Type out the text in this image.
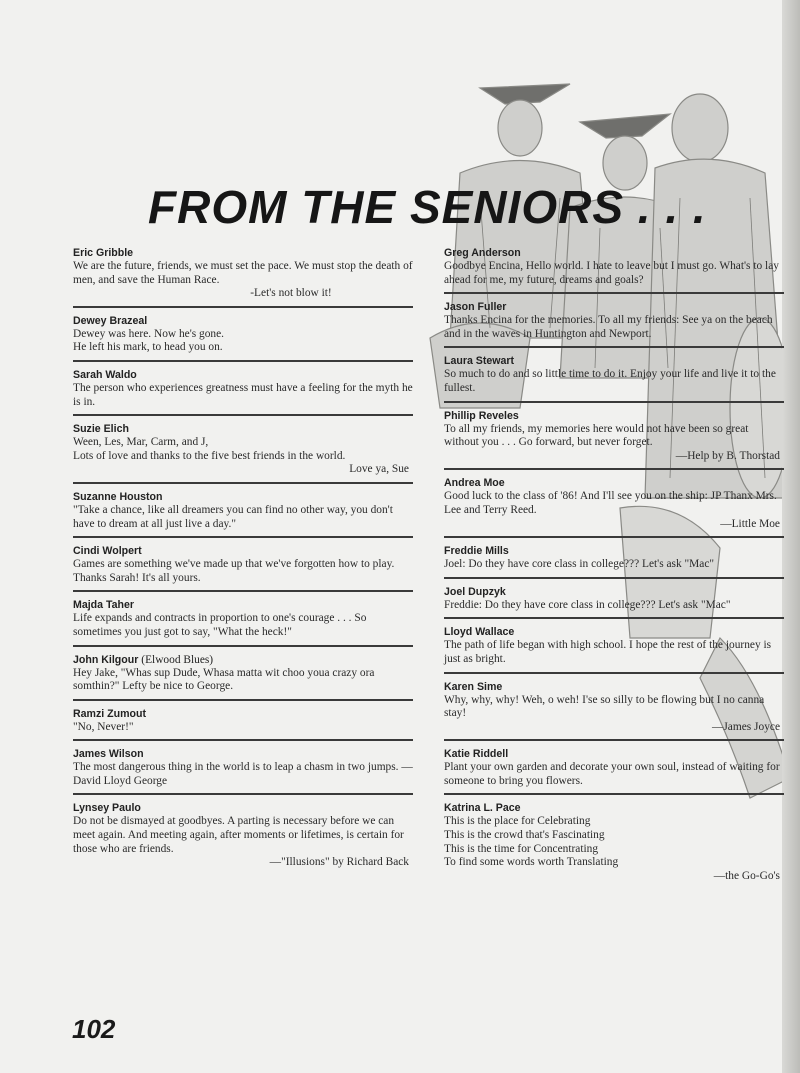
FROM THE SENIORS . . .
Eric Gribble
We are the future, friends, we must set the pace. We must stop the death of men, and save the Human Race.
-Let's not blow it!
Dewey Brazeal
Dewey was here. Now he's gone.
He left his mark, to head you on.
Sarah Waldo
The person who experiences greatness must have a feeling for the myth he is in.
Suzie Elich
Ween, Les, Mar, Carm, and J,
Lots of love and thanks to the five best friends in the world.
Love ya, Sue
Suzanne Houston
"Take a chance, like all dreamers you can find no other way, you don't have to dream at all just live a day."
Cindi Wolpert
Games are something we've made up that we've forgotten how to play. Thanks Sarah! It's all yours.
Majda Taher
Life expands and contracts in proportion to one's courage . . . So sometimes you just got to say, "What the heck!"
John Kilgour (Elwood Blues)
Hey Jake, "Whas sup Dude, Whasa matta wit choo youa crazy ora somthin?" Lefty be nice to George.
Ramzi Zumout
"No, Never!"
James Wilson
The most dangerous thing in the world is to leap a chasm in two jumps. —David Lloyd George
Lynsey Paulo
Do not be dismayed at goodbyes. A parting is necessary before we can meet again. And meeting again, after moments or lifetimes, is certain for those who are friends.
—"Illusions" by Richard Back
Greg Anderson
Goodbye Encina, Hello world. I hate to leave but I must go. What's to lay ahead for me, my future, dreams and goals?
Jason Fuller
Thanks Encina for the memories. To all my friends: See ya on the beach and in the waves in Huntington and Newport.
Laura Stewart
So much to do and so little time to do it. Enjoy your life and live it to the fullest.
Phillip Reveles
To all my friends, my memories here would not have been so great without you . . . Go forward, but never forget.
—Help by B. Thorstad
Andrea Moe
Good luck to the class of '86! And I'll see you on the ship: JP Thanx Mrs. Lee and Terry Reed.
—Little Moe
Freddie Mills
Joel: Do they have core class in college??? Let's ask "Mac"
Joel Dupzyk
Freddie: Do they have core class in college??? Let's ask "Mac"
Lloyd Wallace
The path of life began with high school. I hope the rest of the journey is just as bright.
Karen Sime
Why, why, why! Weh, o weh! I'se so silly to be flowing but I no canna stay!
—James Joyce
Katie Riddell
Plant your own garden and decorate your own soul, instead of waiting for someone to bring you flowers.
Katrina L. Pace
This is the place for Celebrating
This is the crowd that's Fascinating
This is the time for Concentrating
To find some words worth Translating
—the Go-Go's
102
